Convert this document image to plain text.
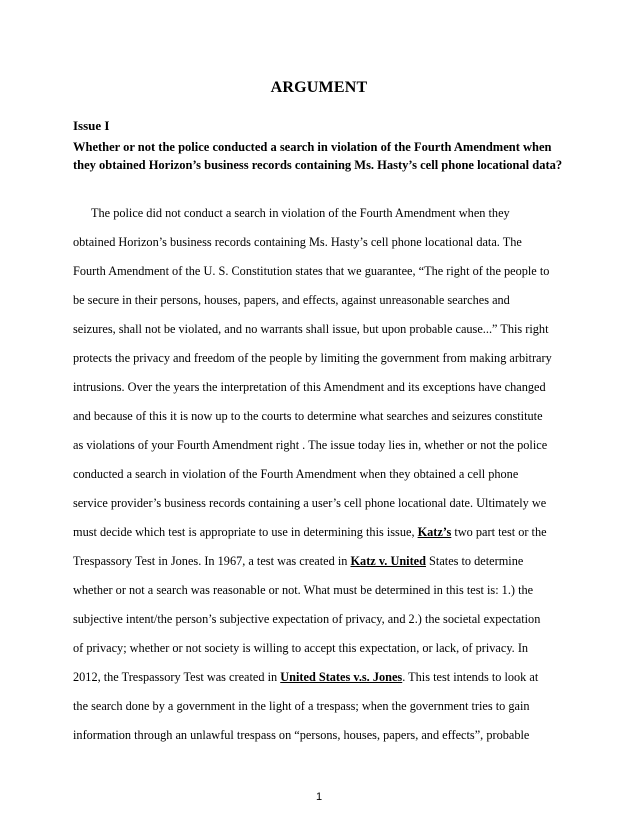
ARGUMENT
Issue I
Whether or not the police conducted a search in violation of the Fourth Amendment when they obtained Horizon’s business records containing Ms. Hasty’s cell phone locational data?
The police did not conduct a search in violation of the Fourth Amendment when they
obtained Horizon’s business records containing Ms. Hasty’s cell phone locational data. The
Fourth Amendment of the U. S. Constitution states that we guarantee, “The right of the people to
be secure in their persons, houses, papers, and effects, against unreasonable searches and
seizures, shall not be violated, and no warrants shall issue, but upon probable cause...” This right
protects the privacy and freedom of the people by limiting the government from making arbitrary
intrusions. Over the years the interpretation of this Amendment and its exceptions have changed
and because of this it is now up to the courts to determine what searches and seizures constitute
as violations of your Fourth Amendment right . The issue today lies in, whether or not the police
conducted a search in violation of the Fourth Amendment when they obtained a cell phone
service provider’s business records containing a user’s cell phone locational date. Ultimately we
must decide which test is appropriate to use in determining this issue, Katz’s two part test or the
Trespassory Test in Jones. In 1967, a test was created in Katz v. United States to determine
whether or not a search was reasonable or not. What must be determined in this test is: 1.) the
subjective intent/the person’s subjective expectation of privacy, and 2.) the societal expectation
of privacy; whether or not society is willing to accept this expectation, or lack, of privacy. In
2012, the Trespassory Test was created in United States v.s. Jones. This test intends to look at
the search done by a government in the light of a trespass; when the government tries to gain
information through an unlawful trespass on “persons, houses, papers, and effects”, probable
1
